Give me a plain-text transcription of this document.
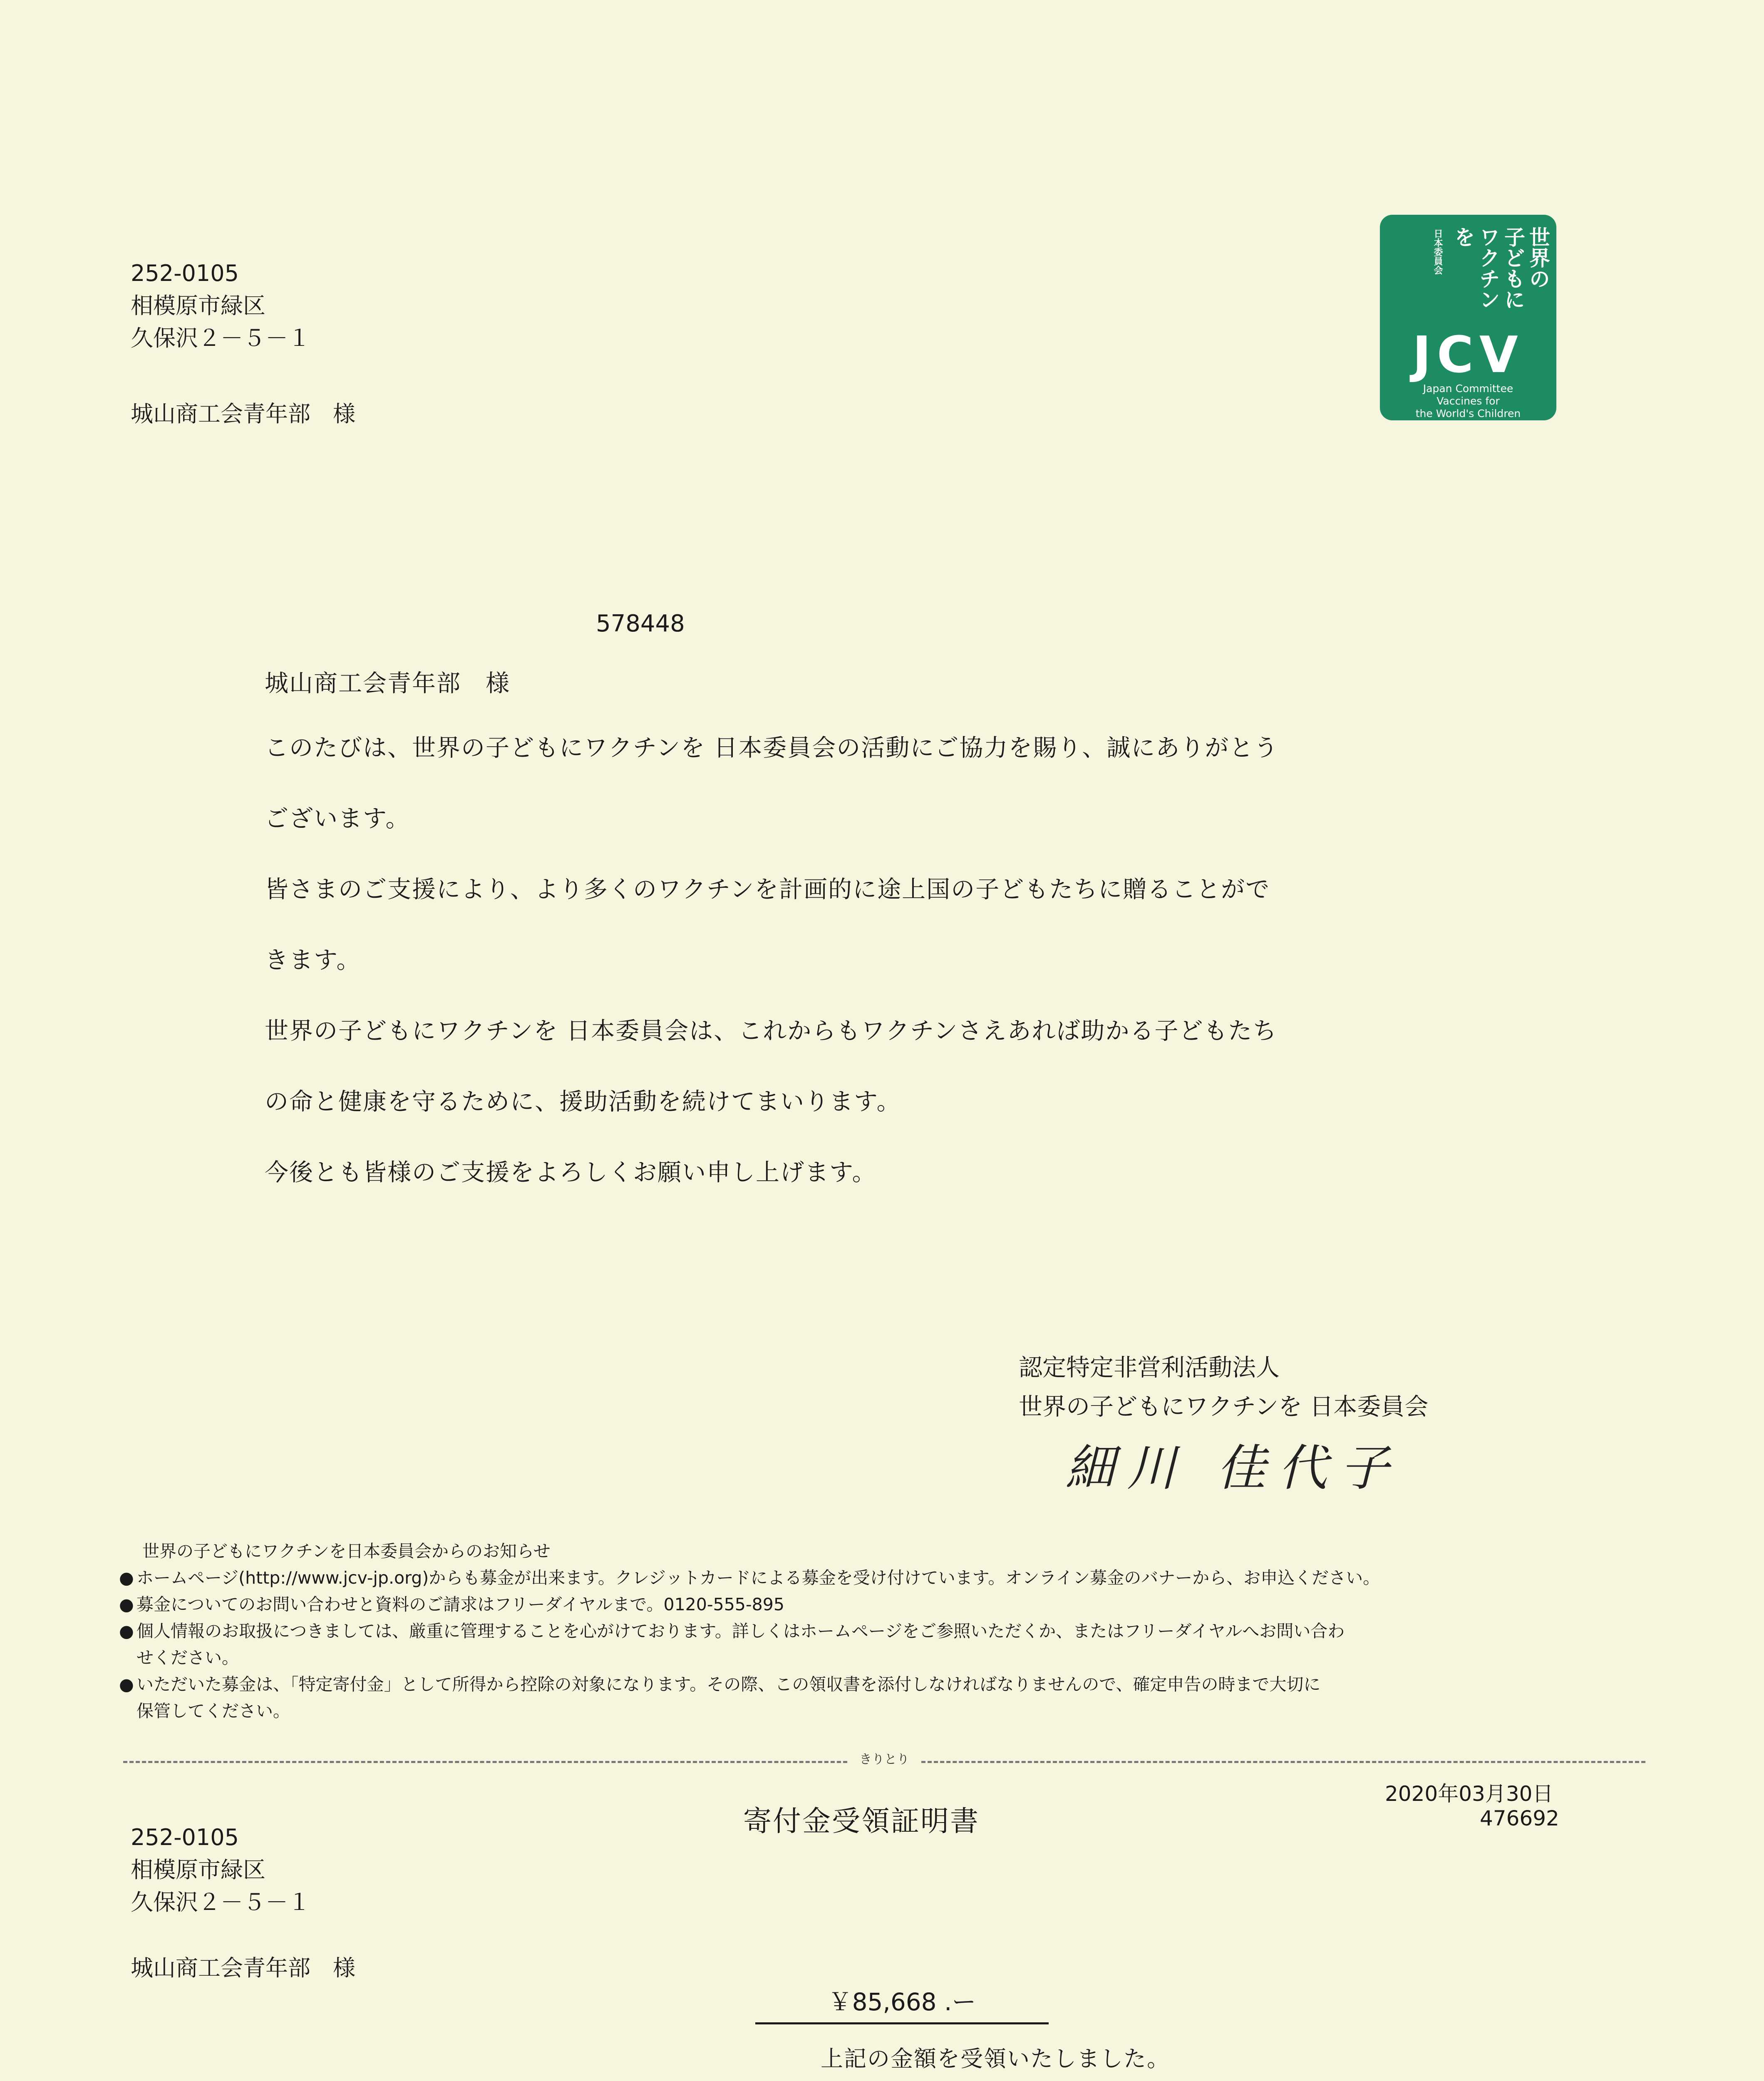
252-0105
相模原市緑区
久保沢２－５－１
城山商工会青年部　様
世界の
子どもに
ワクチン
を
日本委員会
JCV
Japan Committee
Vaccines for
the World's Children
578448
城山商工会青年部　様
このたびは、世界の子どもにワクチンを 日本委員会の活動にご協力を賜り、誠にありがとう
ございます。
皆さまのご支援により、より多くのワクチンを計画的に途上国の子どもたちに贈ることがで
きます。
世界の子どもにワクチンを 日本委員会は、これからもワクチンさえあれば助かる子どもたち
の命と健康を守るために、援助活動を続けてまいります。
今後とも皆様のご支援をよろしくお願い申し上げます。
認定特定非営利活動法人
世界の子どもにワクチンを 日本委員会
細川 佳代子
世界の子どもにワクチンを日本委員会からのお知らせ
● ホームページ(http://www.jcv-jp.org)からも募金が出来ます。クレジットカードによる募金を受け付けています。オンライン募金のバナーから、お申込ください。
● 募金についてのお問い合わせと資料のご請求はフリーダイヤルまで。0120-555-895
● 個人情報のお取扱につきましては、厳重に管理することを心がけております。詳しくはホームページをご参照いただくか、またはフリーダイヤルへお問い合わ
せください。
● いただいた募金は、「特定寄付金」として所得から控除の対象になります。その際、この領収書を添付しなければなりませんので、確定申告の時まで大切に
保管してください。
きりとり
2020年03月30日
476692
寄付金受領証明書
252-0105
相模原市緑区
久保沢２－５－１
城山商工会青年部　様
￥85,668 .ー
上記の金額を受領いたしました。
